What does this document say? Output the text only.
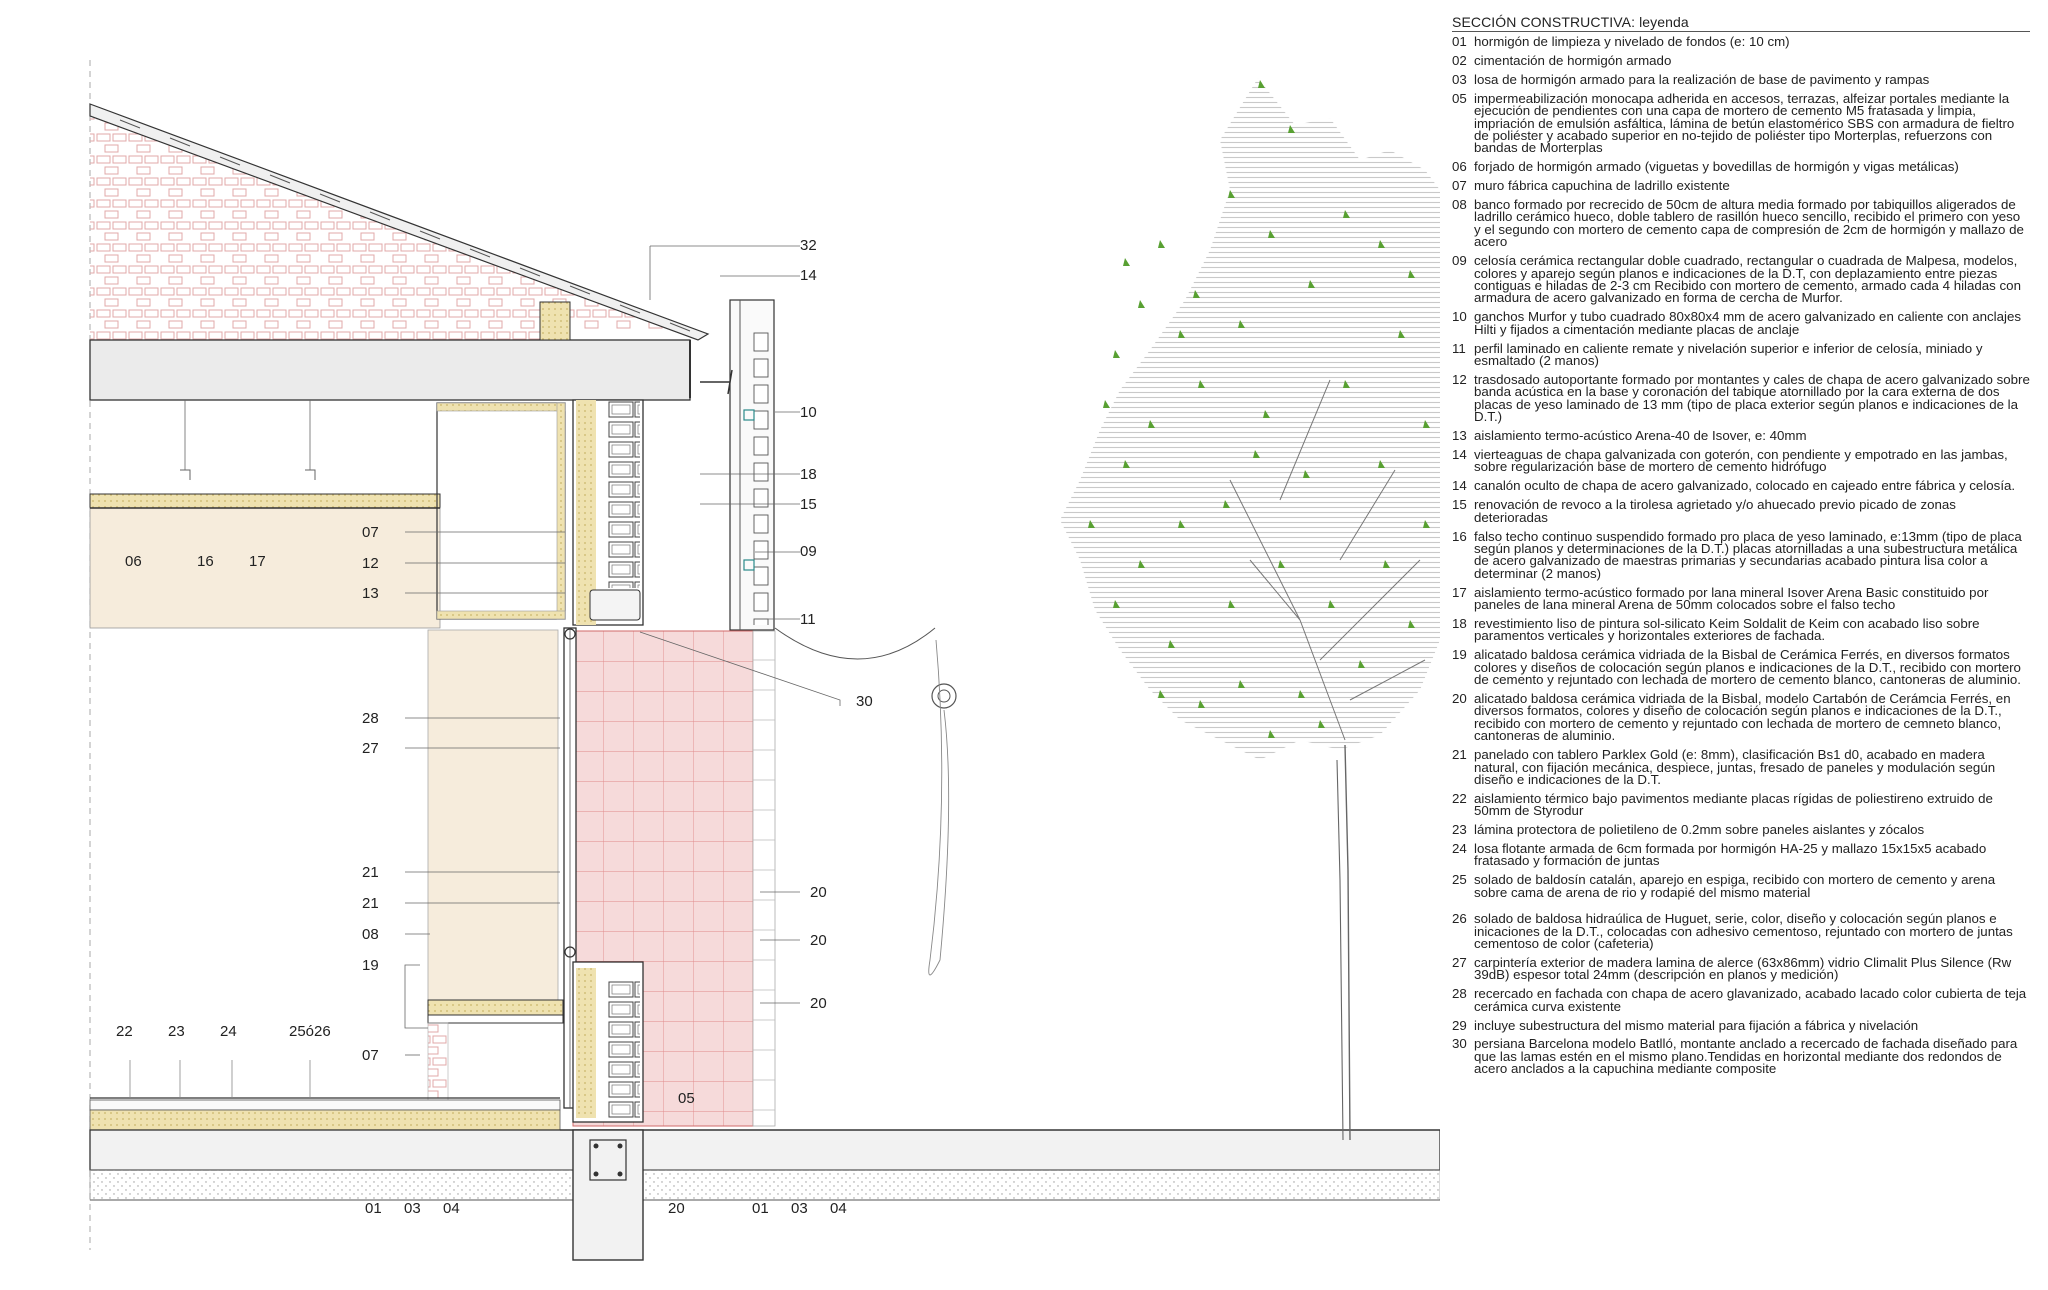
32
14
10
18
15
09
11
30
07
12
13
06	16 17
28
27
21
21
08
19
22 23 24	25ó26
07
20
20
20
05
01 03 04	20	01 03 04
SECCIÓN CONSTRUCTIVA: leyenda
01 hormigón de limpieza y nivelado de fondos (e: 10 cm)
02 cimentación de hormigón armado
03 losa de hormigón armado para la realización de base de pavimento y rampas
05 impermeabilización monocapa adherida en accesos, terrazas, alfeizar portales mediante la ejecución de pendientes con una capa de mortero de cemento M5 fratasada y limpia, impriación de emulsión asfáltica, lámina de betún elastomérico SBS con armadura de fieltro de poliéster y acabado superior en no-tejido de poliéster tipo Morterplas, refuerzons con bandas de Morterplas
06 forjado de hormigón armado (viguetas y bovedillas de hormigón y vigas metálicas)
07 muro fábrica capuchina de ladrillo existente
08 banco formado por recrecido de 50cm de altura media formado por tabiquillos aligerados de ladrillo cerámico hueco, doble tablero de rasillón hueco sencillo, recibido el primero con yeso y el segundo con mortero de cemento capa de compresión de 2cm de hormigón y mallazo de acero
09 celosía cerámica rectangular doble cuadrado, rectangular o cuadrada de Malpesa, modelos, colores y aparejo según planos e indicaciones de la D.T, con deplazamiento entre piezas contiguas e hiladas de 2-3 cm Recibido con mortero de cemento, armado cada 4 hiladas con armadura de acero galvanizado en forma de cercha de Murfor.
10 ganchos Murfor y tubo cuadrado 80x80x4 mm de acero galvanizado en caliente con anclajes Hilti y fijados a cimentación mediante placas de anclaje
11 perfil laminado en caliente remate y nivelación superior e inferior de celosía, miniado y esmaltado (2 manos)
12 trasdosado autoportante formado por montantes y cales de chapa de acero galvanizado sobre banda acústica en la base y coronación del tabique atornillado por la cara externa de dos placas de yeso laminado de 13 mm (tipo de placa exterior según planos e indicaciones de la D.T.)
13 aislamiento termo-acústico Arena-40 de Isover, e: 40mm
14 vierteaguas de chapa galvanizada con goterón, con pendiente y empotrado en las jambas, sobre regularización base de mortero de cemento hidrófugo
14 canalón oculto de chapa de acero galvanizado, colocado en cajeado entre fábrica y celosía.
15 renovación de revoco a la tirolesa agrietado y/o ahuecado previo picado de zonas deterioradas
16 falso techo continuo suspendido formado pro placa de yeso laminado, e:13mm (tipo de placa según planos y determinaciones de la D.T.) placas atornilladas a una subestructura metálica de acero galvanizado de maestras primarias y secundarias acabado pintura lisa color a determinar (2 manos)
17 aislamiento termo-acústico formado por lana mineral Isover Arena Basic constituido por paneles de lana mineral Arena de 50mm colocados sobre el falso techo
18 revestimiento liso de pintura sol-silicato Keim Soldalit de Keim con acabado liso sobre paramentos verticales y horizontales exteriores de fachada.
19 alicatado baldosa cerámica vidriada de la Bisbal de Cerámica Ferrés, en diversos formatos colores y diseños de colocación según planos e indicaciones de la D.T., recibido con mortero de cemento y rejuntado con lechada de mortero de cemento blanco, cantoneras de aluminio.
20 alicatado baldosa cerámica vidriada de la Bisbal, modelo Cartabón de Cerámcia Ferrés, en diversos formatos, colores y diseño de colocación según planos e indicaciones de la D.T., recibido con mortero de cemento y rejuntado con lechada de mortero de cemneto blanco, cantoneras de aluminio.
21 panelado con tablero Parklex Gold (e: 8mm), clasificación Bs1 d0, acabado en madera natural, con fijación mecánica, despiece, juntas, fresado de paneles y modulación según diseño e indicaciones de la D.T.
22 aislamiento térmico bajo pavimentos mediante placas rígidas de poliestireno extruido de 50mm de Styrodur
23 lámina protectora de polietileno de 0.2mm sobre paneles aislantes y zócalos
24 losa flotante armada de 6cm formada por hormigón HA-25 y mallazo 15x15x5 acabado fratasado y formación de juntas
25 solado de baldosín catalán, aparejo en espiga, recibido con mortero de cemento y arena sobre cama de arena de rio y rodapié del mismo material
26 solado de baldosa hidraúlica de Huguet, serie, color, diseño y colocación según planos e inicaciones de la D.T., colocadas con adhesivo cementoso, rejuntado con mortero de juntas cementoso de color (cafeteria)
27 carpintería exterior de madera lamina de alerce (63x86mm) vidrio Climalit Plus Silence (Rw 39dB) espesor total 24mm (descripción en planos y medición)
28 recercado en fachada con chapa de acero glavanizado, acabado lacado color cubierta de teja cerámica curva existente
29 incluye subestructura del mismo material para fijación a fábrica y nivelación
30 persiana Barcelona modelo Batlló, montante anclado a recercado de fachada diseñado para que las lamas estén en el mismo plano.Tendidas en horizontal mediante dos redondos de acero anclados a la capuchina mediante composite
